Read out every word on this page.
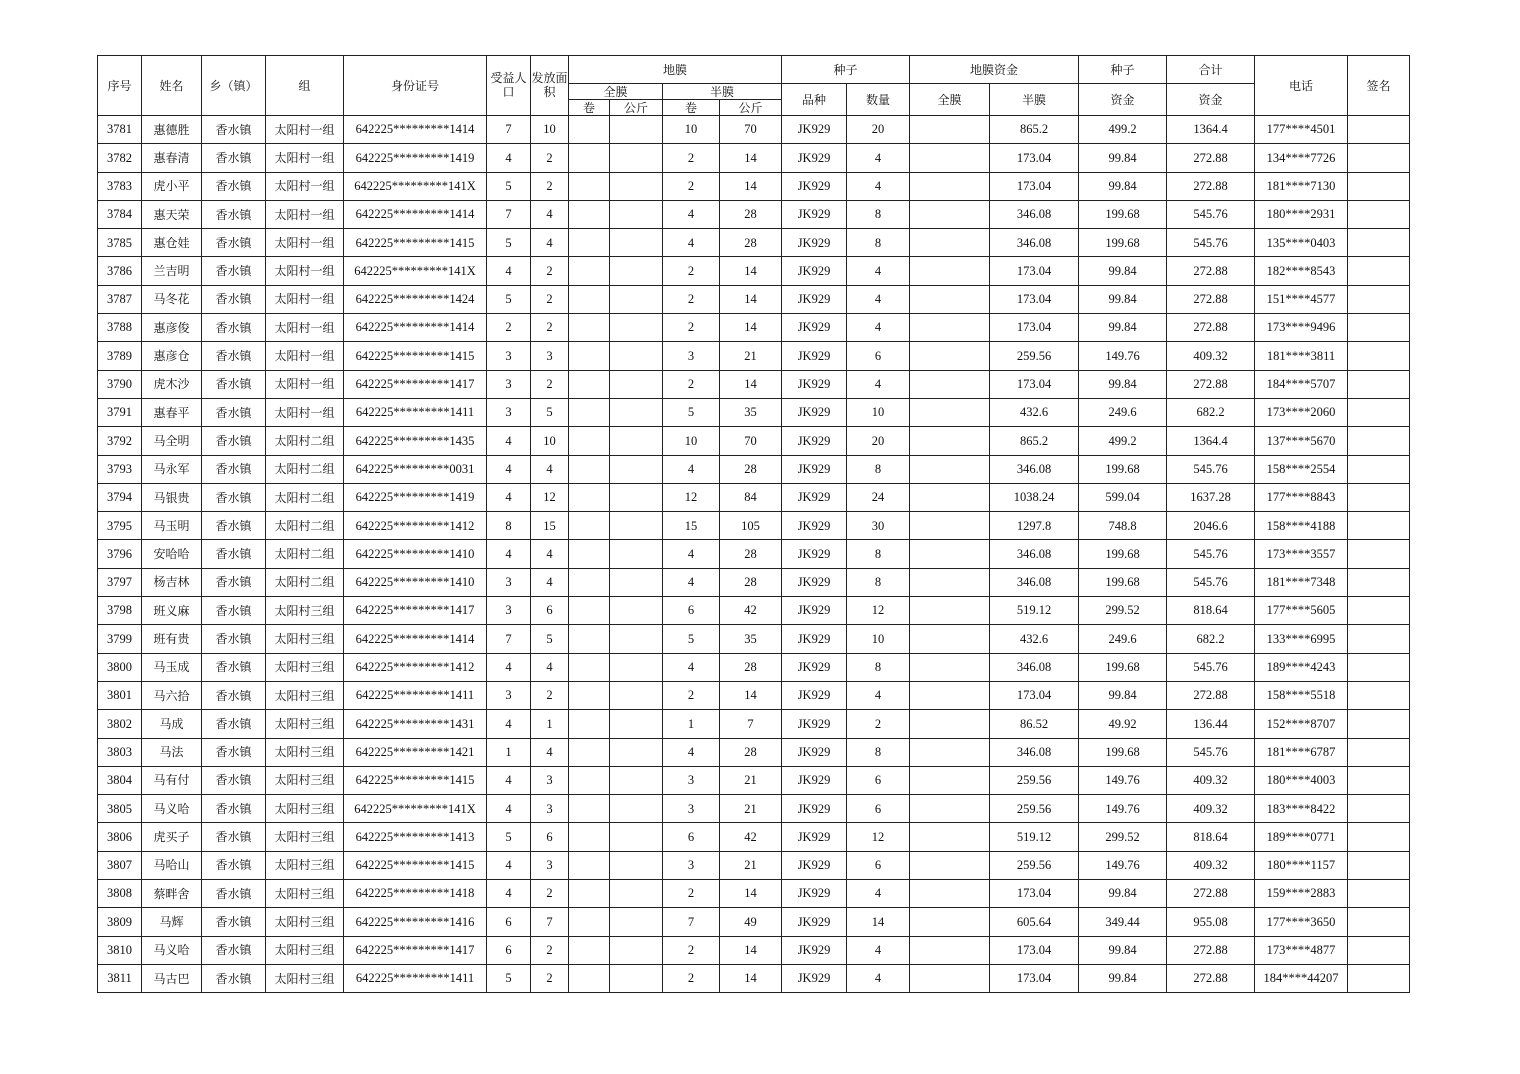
序号	姓名	乡（镇）	组	身份证号	受益人口	发放面积	地膜				种子		地膜资金		种子	合计	电话	签名
							全膜		半膜		品种	数量	全膜	半膜	资金	资金		
							卷	公斤	卷	公斤								
3781	惠德胜	香水镇	太阳村一组	642225*********1414	7	10			10	70	JK929	20		865.2	499.2	1364.4	177****4501	
3782	惠春清	香水镇	太阳村一组	642225*********1419	4	2			2	14	JK929	4		173.04	99.84	272.88	134****7726	
3783	虎小平	香水镇	太阳村一组	642225*********141X	5	2			2	14	JK929	4		173.04	99.84	272.88	181****7130	
3784	惠天荣	香水镇	太阳村一组	642225*********1414	7	4			4	28	JK929	8		346.08	199.68	545.76	180****2931	
3785	惠仓娃	香水镇	太阳村一组	642225*********1415	5	4			4	28	JK929	8		346.08	199.68	545.76	135****0403	
3786	兰吉明	香水镇	太阳村一组	642225*********141X	4	2			2	14	JK929	4		173.04	99.84	272.88	182****8543	
3787	马冬花	香水镇	太阳村一组	642225*********1424	5	2			2	14	JK929	4		173.04	99.84	272.88	151****4577	
3788	惠彦俊	香水镇	太阳村一组	642225*********1414	2	2			2	14	JK929	4		173.04	99.84	272.88	173****9496	
3789	惠彦仓	香水镇	太阳村一组	642225*********1415	3	3			3	21	JK929	6		259.56	149.76	409.32	181****3811	
3790	虎木沙	香水镇	太阳村一组	642225*********1417	3	2			2	14	JK929	4		173.04	99.84	272.88	184****5707	
3791	惠春平	香水镇	太阳村一组	642225*********1411	3	5			5	35	JK929	10		432.6	249.6	682.2	173****2060	
3792	马全明	香水镇	太阳村二组	642225*********1435	4	10			10	70	JK929	20		865.2	499.2	1364.4	137****5670	
3793	马永军	香水镇	太阳村二组	642225*********0031	4	4			4	28	JK929	8		346.08	199.68	545.76	158****2554	
3794	马银贵	香水镇	太阳村二组	642225*********1419	4	12			12	84	JK929	24		1038.24	599.04	1637.28	177****8843	
3795	马玉明	香水镇	太阳村二组	642225*********1412	8	15			15	105	JK929	30		1297.8	748.8	2046.6	158****4188	
3796	安哈哈	香水镇	太阳村二组	642225*********1410	4	4			4	28	JK929	8		346.08	199.68	545.76	173****3557	
3797	杨吉林	香水镇	太阳村二组	642225*********1410	3	4			4	28	JK929	8		346.08	199.68	545.76	181****7348	
3798	班义麻	香水镇	太阳村三组	642225*********1417	3	6			6	42	JK929	12		519.12	299.52	818.64	177****5605	
3799	班有贵	香水镇	太阳村三组	642225*********1414	7	5			5	35	JK929	10		432.6	249.6	682.2	133****6995	
3800	马玉成	香水镇	太阳村三组	642225*********1412	4	4			4	28	JK929	8		346.08	199.68	545.76	189****4243	
3801	马六拾	香水镇	太阳村三组	642225*********1411	3	2			2	14	JK929	4		173.04	99.84	272.88	158****5518	
3802	马成	香水镇	太阳村三组	642225*********1431	4	1			1	7	JK929	2		86.52	49.92	136.44	152****8707	
3803	马法	香水镇	太阳村三组	642225*********1421	1	4			4	28	JK929	8		346.08	199.68	545.76	181****6787	
3804	马有付	香水镇	太阳村三组	642225*********1415	4	3			3	21	JK929	6		259.56	149.76	409.32	180****4003	
3805	马义哈	香水镇	太阳村三组	642225*********141X	4	3			3	21	JK929	6		259.56	149.76	409.32	183****8422	
3806	虎买子	香水镇	太阳村三组	642225*********1413	5	6			6	42	JK929	12		519.12	299.52	818.64	189****0771	
3807	马哈山	香水镇	太阳村三组	642225*********1415	4	3			3	21	JK929	6		259.56	149.76	409.32	180****1157	
3808	蔡畔舍	香水镇	太阳村三组	642225*********1418	4	2			2	14	JK929	4		173.04	99.84	272.88	159****2883	
3809	马辉	香水镇	太阳村三组	642225*********1416	6	7			7	49	JK929	14		605.64	349.44	955.08	177****3650	
3810	马义哈	香水镇	太阳村三组	642225*********1417	6	2			2	14	JK929	4		173.04	99.84	272.88	173****4877	
3811	马古巴	香水镇	太阳村三组	642225*********1411	5	2			2	14	JK929	4		173.04	99.84	272.88	184****44207	
